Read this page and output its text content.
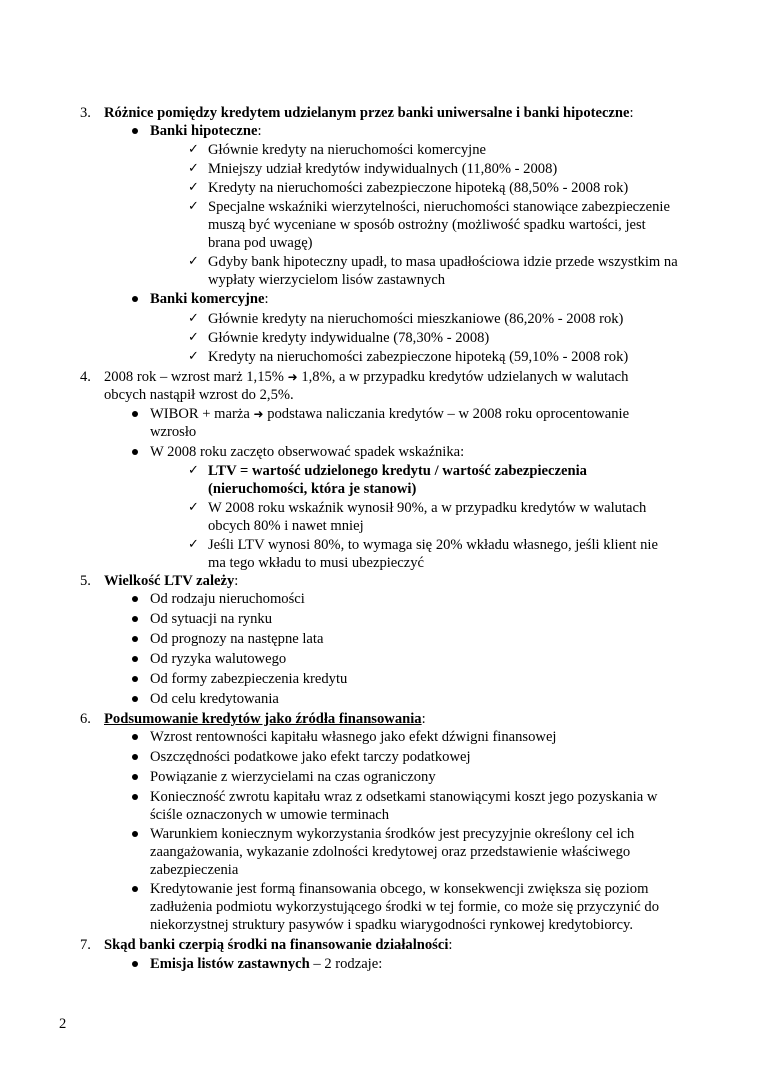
3. Różnice pomiędzy kredytem udzielanym przez banki uniwersalne i banki hipoteczne:
Banki hipoteczne:
✓ Głównie kredyty na nieruchomości komercyjne
✓ Mniejszy udział kredytów indywidualnych (11,80% - 2008)
✓ Kredyty na nieruchomości zabezpieczone hipoteką (88,50% - 2008 rok)
✓ Specjalne wskaźniki wierzytelności, nieruchomości stanowiące zabezpieczenie
muszą być wyceniane w sposób ostrożny (możliwość spadku wartości, jest
brana pod uwagę)
✓ Gdyby bank hipoteczny upadł, to masa upadłościowa idzie przede wszystkim na
wypłaty wierzycielom lisów zastawnych
Banki komercyjne:
✓ Głównie kredyty na nieruchomości mieszkaniowe (86,20% - 2008 rok)
✓ Głównie kredyty indywidualne (78,30% - 2008)
✓ Kredyty na nieruchomości zabezpieczone hipoteką (59,10% - 2008 rok)
4. 2008 rok – wzrost marż 1,15% ➜ 1,8%, a w przypadku kredytów udzielanych w walutach
obcych nastąpił wzrost do 2,5%.
WIBOR + marża ➜ podstawa naliczania kredytów – w 2008 roku oprocentowanie
wzrosło
W 2008 roku zaczęto obserwować spadek wskaźnika:
✓ LTV = wartość udzielonego kredytu / wartość zabezpieczenia
(nieruchomości, która je stanowi)
✓ W 2008 roku wskaźnik wynosił 90%, a w przypadku kredytów w walutach
obcych 80% i nawet mniej
✓ Jeśli LTV wynosi 80%, to wymaga się 20% wkładu własnego, jeśli klient nie
ma tego wkładu to musi ubezpieczyć
5. Wielkość LTV zależy:
Od rodzaju nieruchomości
Od sytuacji na rynku
Od prognozy na następne lata
Od ryzyka walutowego
Od formy zabezpieczenia kredytu
Od celu kredytowania
6. Podsumowanie kredytów jako źródła finansowania:
Wzrost rentowności kapitału własnego jako efekt dźwigni finansowej
Oszczędności podatkowe jako efekt tarczy podatkowej
Powiązanie z wierzycielami na czas ograniczony
Konieczność zwrotu kapitału wraz z odsetkami stanowiącymi koszt jego pozyskania w
ściśle oznaczonych w umowie terminach
Warunkiem koniecznym wykorzystania środków jest precyzyjnie określony cel ich
zaangażowania, wykazanie zdolności kredytowej oraz przedstawienie właściwego
zabezpieczenia
Kredytowanie jest formą finansowania obcego, w konsekwencji zwiększa się poziom
zadłużenia podmiotu wykorzystującego środki w tej formie, co może się przyczynić do
niekorzystnej struktury pasywów i spadku wiarygodności rynkowej kredytobiorcy.
7. Skąd banki czerpią środki na finansowanie działalności:
Emisja listów zastawnych – 2 rodzaje:
2
